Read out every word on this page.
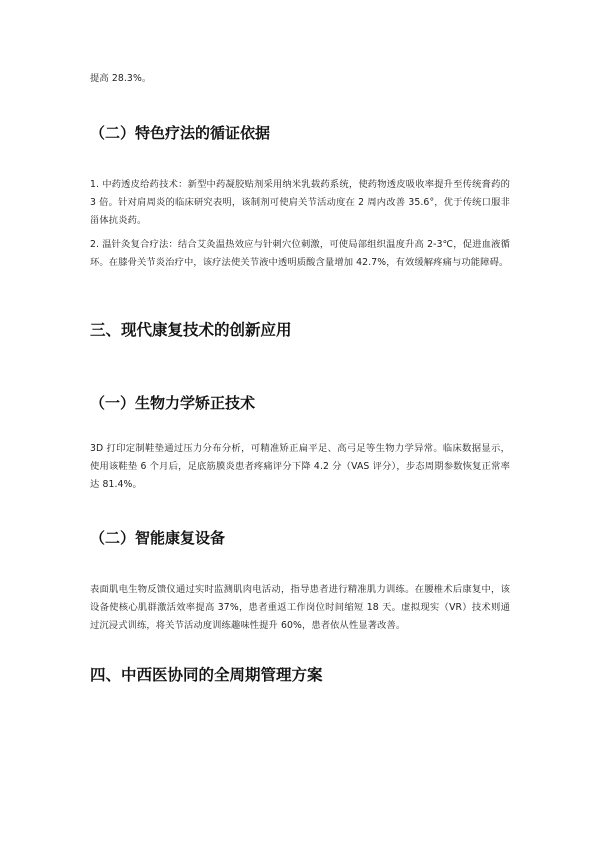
提高 28.3%。

（二）特色疗法的循证依据

1. 中药透皮给药技术：新型中药凝胶贴剂采用纳米乳载药系统，使药物透皮吸收率提升至传统膏药的 3 倍。针对肩周炎的临床研究表明，该制剂可使肩关节活动度在 2 周内改善 35.6°，优于传统口服非甾体抗炎药。

2. 温针灸复合疗法：结合艾灸温热效应与针刺穴位刺激，可使局部组织温度升高 2-3℃，促进血液循环。在膝骨关节炎治疗中，该疗法使关节液中透明质酸含量增加 42.7%，有效缓解疼痛与功能障碍。

三、现代康复技术的创新应用
（一）生物力学矫正技术

3D 打印定制鞋垫通过压力分布分析，可精准矫正扁平足、高弓足等生物力学异常。临床数据显示，使用该鞋垫 6 个月后，足底筋膜炎患者疼痛评分下降 4.2 分（VAS 评分），步态周期参数恢复正常率达 81.4%。

（二）智能康复设备

表面肌电生物反馈仪通过实时监测肌肉电活动，指导患者进行精准肌力训练。在腰椎术后康复中，该设备使核心肌群激活效率提高 37%，患者重返工作岗位时间缩短 18 天。虚拟现实（VR）技术则通过沉浸式训练，将关节活动度训练趣味性提升 60%，患者依从性显著改善。

四、中西医协同的全周期管理方案
